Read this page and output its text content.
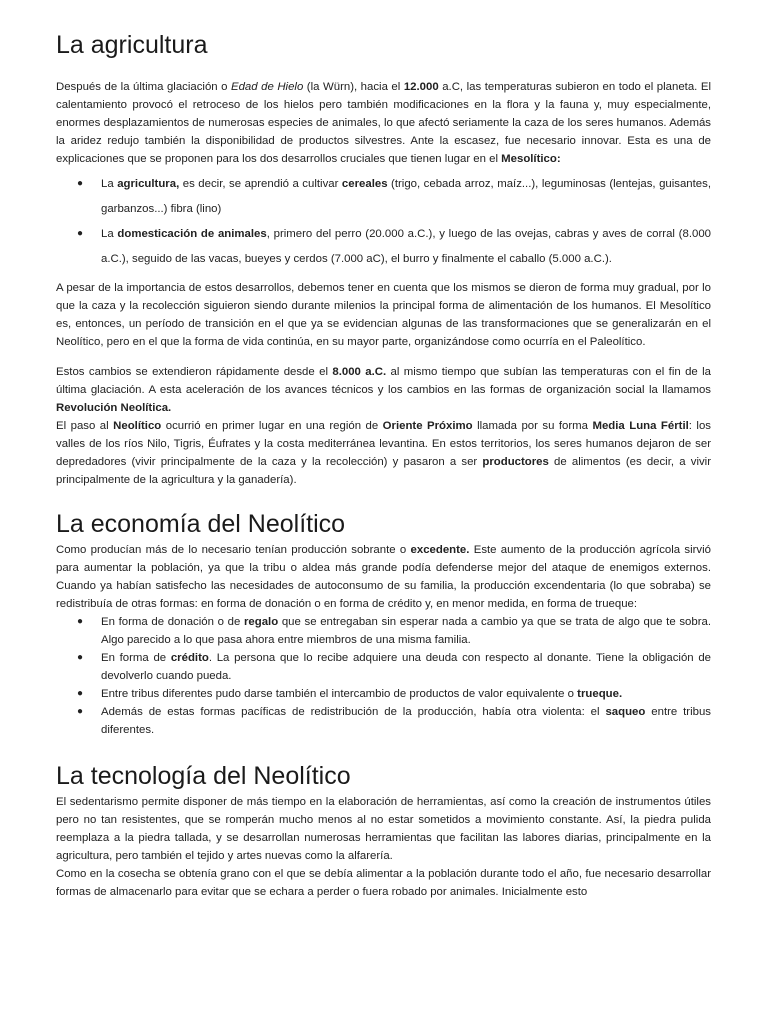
La agricultura

Después de la última glaciación o Edad de Hielo (la Würn), hacia el 12.000 a.C, las temperaturas subieron en todo el planeta. El calentamiento provocó el retroceso de los hielos pero también modificaciones en la flora y la fauna y, muy especialmente, enormes desplazamientos de numerosas especies de animales, lo que afectó seriamente la caza de los seres humanos. Además la aridez redujo también la disponibilidad de productos silvestres. Ante la escasez, fue necesario innovar. Esta es una de explicaciones que se proponen para los dos desarrollos cruciales que tienen lugar en el Mesolítico:

● La agricultura, es decir, se aprendió a cultivar cereales (trigo, cebada arroz, maíz...), leguminosas (lentejas, guisantes, garbanzos...) fibra (lino)
● La domesticación de animales, primero del perro (20.000 a.C.), y luego de las ovejas, cabras y aves de corral (8.000 a.C.), seguido de las vacas, bueyes y cerdos (7.000 aC), el burro y finalmente el caballo (5.000 a.C.).

A pesar de la importancia de estos desarrollos, debemos tener en cuenta que los mismos se dieron de forma muy gradual, por lo que la caza y la recolección siguieron siendo durante milenios la principal forma de alimentación de los humanos. El Mesolítico es, entonces, un período de transición en el que ya se evidencian algunas de las transformaciones que se generalizarán en el Neolítico, pero en el que la forma de vida continúa, en su mayor parte, organizándose como ocurría en el Paleolítico.

Estos cambios se extendieron rápidamente desde el 8.000 a.C. al mismo tiempo que subían las temperaturas con el fin de la última glaciación. A esta aceleración de los avances técnicos y los cambios en las formas de organización social la llamamos Revolución Neolítica.

El paso al Neolítico ocurrió en primer lugar en una región de Oriente Próximo llamada por su forma Media Luna Fértil: los valles de los ríos Nilo, Tigris, Éufrates y la costa mediterránea levantina. En estos territorios, los seres humanos dejaron de ser depredadores (vivir principalmente de la caza y la recolección) y pasaron a ser productores de alimentos (es decir, a vivir principalmente de la agricultura y la ganadería).

La economía del Neolítico

Como producían más de lo necesario tenían producción sobrante o excedente. Este aumento de la producción agrícola sirvió para aumentar la población, ya que la tribu o aldea más grande podía defenderse mejor del ataque de enemigos externos. Cuando ya habían satisfecho las necesidades de autoconsumo de su familia, la producción excendentaria (lo que sobraba) se redistribuía de otras formas: en forma de donación o en forma de crédito y, en menor medida, en forma de trueque:

● En forma de donación o de regalo que se entregaban sin esperar nada a cambio ya que se trata de algo que te sobra. Algo parecido a lo que pasa ahora entre miembros de una misma familia.
● En forma de crédito. La persona que lo recibe adquiere una deuda con respecto al donante. Tiene la obligación de devolverlo cuando pueda.
● Entre tribus diferentes pudo darse también el intercambio de productos de valor equivalente o trueque.
● Además de estas formas pacíficas de redistribución de la producción, había otra violenta: el saqueo entre tribus diferentes.
La tecnología del Neolítico

El sedentarismo permite disponer de más tiempo en la elaboración de herramientas, así como la creación de instrumentos útiles pero no tan resistentes, que se romperán mucho menos al no estar sometidos a movimiento constante. Así, la piedra pulida reemplaza a la piedra tallada, y se desarrollan numerosas herramientas que facilitan las labores diarias, principalmente en la agricultura, pero también el tejido y artes nuevas como la alfarería.

Como en la cosecha se obtenía grano con el que se debía alimentar a la población durante todo el año, fue necesario desarrollar formas de almacenarlo para evitar que se echara a perder o fuera robado por animales. Inicialmente esto
